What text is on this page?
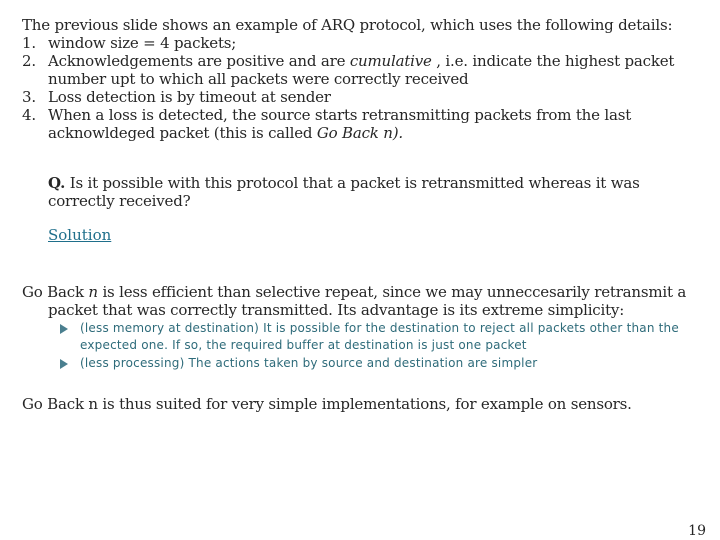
The previous slide shows an example of ARQ protocol, which uses the following details:

1. window size = 4 packets;
2. Acknowledgements are positive and are cumulative , i.e. indicate the highest packet number upt to which all packets were correctly received
3. Loss detection is by timeout at sender
4. When a loss is detected, the source starts retransmitting packets from the last acknowldeged packet (this is called Go Back n).
Q. Is it possible with this protocol that a packet is retransmitted whereas it was correctly received?
Solution

Go Back n is less efficient than selective repeat, since we may unneccesarily retransmit a packet that was correctly transmitted. Its advantage is its extreme simplicity:

(less memory at destination) It is possible for the destination to reject all packets other than the expected one. If so, the required buffer at destination is just one packet
(less processing) The actions taken by source and destination are simpler
Go Back n is thus suited for very simple implementations, for example on sensors.
19
